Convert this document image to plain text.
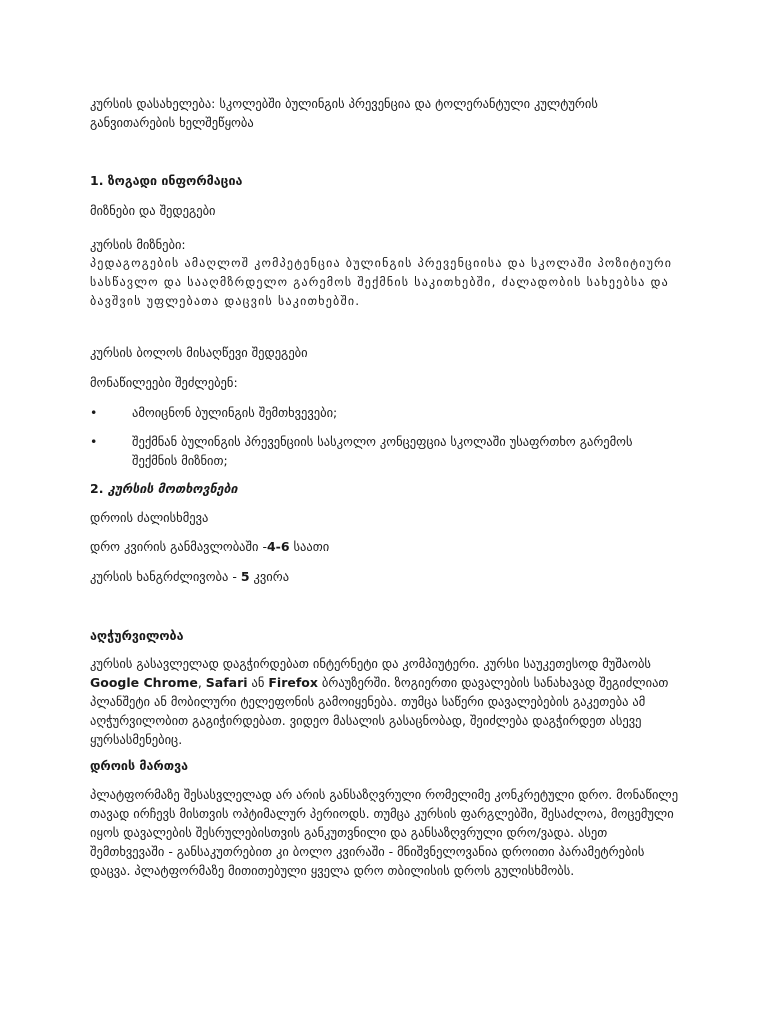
კურსის დასახელება: სკოლებში ბულინგის პრევენცია და ტოლერანტული კულტურის განვითარების ხელშეწყობა

1. ზოგადი ინფორმაცია

მიზნები და შედეგები

კურსის მიზნები:

პედაგოგების ამაღლოშ კომპეტენცია ბულინგის პრევენციისა და სკოლაში პოზიტიური სასწავლო და სააღმზრდელო გარემოს შექმნის საკითხებში, ძალადობის სახეებსა და ბავშვის უფლებათა დაცვის საკითხებში.

კურსის ბოლოს მისაღწევი შედეგები

მონაწილეები შეძლებენ:

•	ამოიცნონ ბულინგის შემთხვევები;
•	შექმნან ბულინგის პრევენციის სასკოლო კონცეფცია სკოლაში უსაფრთხო გარემოს შექმნის მიზნით;

2. კურსის მოთხოვნები

დროის ძალისხმევა

დრო კვირის განმავლობაში -4-6 საათი

კურსის ხანგრძლივობა - 5 კვირა

აღჭურვილობა

კურსის გასავლელად დაგჭირდებათ ინტერნეტი და კომპიუტერი. კურსი საუკეთესოდ მუშაობს Google Chrome, Safari ან Firefox ბრაუზერში. ზოგიერთი დავალების სანახავად შეგიძლიათ პლანშეტი ან მობილური ტელეფონის გამოიყენება. თუმცა საწერი დავალებების გაკეთება ამ აღჭურვილობით გაგიჭირდებათ. ვიდეო მასალის გასაცნობად, შეიძლება დაგჭირდეთ ასევე ყურსასმენებიც.

დროის მართვა

პლატფორმაზე შესასვლელად არ არის განსაზღვრული რომელიმე კონკრეტული დრო. მონაწილე თავად ირჩევს მისთვის ოპტიმალურ პერიოდს. თუმცა კურსის ფარგლებში, შესაძლოა, მოცემული იყოს დავალების შესრულებისთვის განკუთვნილი და განსაზღვრული დრო/ვადა. ასეთ შემთხვევაში - განსაკუთრებით კი ბოლო კვირაში - მნიშვნელოვანია დროითი პარამეტრების დაცვა. პლატფორმაზე მითითებული ყველა დრო თბილისის დროს გულისხმობს.
